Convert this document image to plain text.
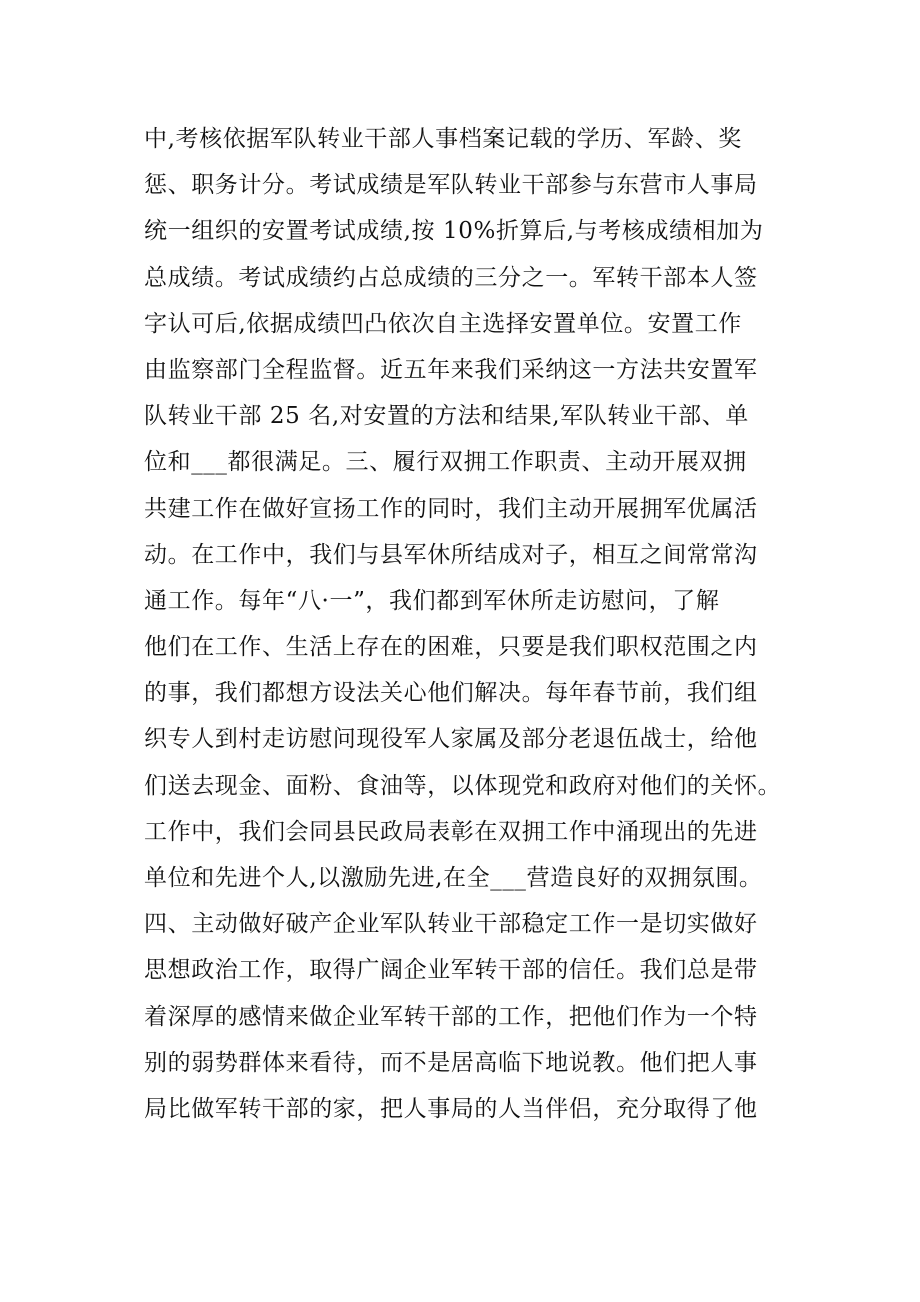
中,考核依据军队转业干部人事档案记载的学历、军龄、奖
惩、职务计分。考试成绩是军队转业干部参与东营市人事局
统一组织的安置考试成绩,按 10%折算后,与考核成绩相加为
总成绩。考试成绩约占总成绩的三分之一。军转干部本人签
字认可后,依据成绩凹凸依次自主选择安置单位。安置工作
由监察部门全程监督。近五年来我们采纳这一方法共安置军
队转业干部 25 名,对安置的方法和结果,军队转业干部、单
位和___都很满足。三、履行双拥工作职责、主动开展双拥
共建工作在做好宣扬工作的同时，我们主动开展拥军优属活
动。在工作中，我们与县军休所结成对子，相互之间常常沟
通工作。每年“八·一”，我们都到军休所走访慰问，了解
他们在工作、生活上存在的困难，只要是我们职权范围之内
的事，我们都想方设法关心他们解决。每年春节前，我们组
织专人到村走访慰问现役军人家属及部分老退伍战士，给他
们送去现金、面粉、食油等，以体现党和政府对他们的关怀。
工作中，我们会同县民政局表彰在双拥工作中涌现出的先进
单位和先进个人,以激励先进,在全___营造良好的双拥氛围。
四、主动做好破产企业军队转业干部稳定工作一是切实做好
思想政治工作，取得广阔企业军转干部的信任。我们总是带
着深厚的感情来做企业军转干部的工作，把他们作为一个特
别的弱势群体来看待，而不是居高临下地说教。他们把人事
局比做军转干部的家，把人事局的人当伴侣，充分取得了他
